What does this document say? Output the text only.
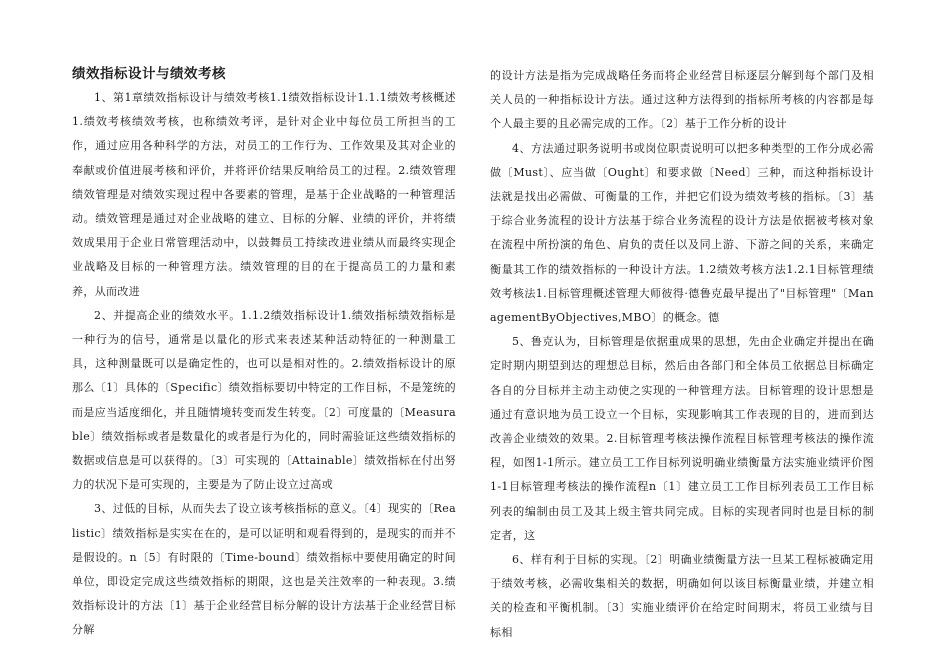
绩效指标设计与绩效考核

1、第1章绩效指标设计与绩效考核1.1绩效指标设计1.1.1绩效考核概述1.绩效考核绩效考核，也称绩效考评，是针对企业中每位员工所担当的工作，通过应用各种科学的方法，对员工的工作行为、工作效果及其对企业的奉献或价值进展考核和评价，并将评价结果反响给员工的过程。2.绩效管理绩效管理是对绩效实现过程中各要素的管理，是基于企业战略的一种管理活动。绩效管理是通过对企业战略的建立、目标的分解、业绩的评价，并将绩效成果用于企业日常管理活动中，以鼓舞员工持续改进业绩从而最终实现企业战略及目标的一种管理方法。绩效管理的目的在于提高员工的力量和素养，从而改进

2、并提高企业的绩效水平。1.1.2绩效指标设计1.绩效指标绩效指标是一种行为的信号，通常是以量化的形式来表述某种活动特征的一种测量工具，这种测量既可以是确定性的，也可以是相对性的。2.绩效指标设计的原那么〔1〕具体的〔Specific〕绩效指标要切中特定的工作目标，不是笼统的而是应当适度细化，并且随情境转变而发生转变。〔2〕可度量的〔Measurable〕绩效指标或者是数量化的或者是行为化的，同时需验证这些绩效指标的数据或信息是可以获得的。〔3〕可实现的〔Attainable〕绩效指标在付出努力的状况下是可实现的，主要是为了防止设立过高或

3、过低的目标，从而失去了设立该考核指标的意义。〔4〕现实的〔Realistic〕绩效指标是实实在在的，是可以证明和观看得到的，是现实的而并不是假设的。n〔5〕有时限的〔Time-bound〕绩效指标中要使用确定的时间单位，即设定完成这些绩效指标的期限，这也是关注效率的一种表现。3.绩效指标设计的方法〔1〕基于企业经营目标分解的设计方法基于企业经营目标分解

的设计方法是指为完成战略任务而将企业经营目标逐层分解到每个部门及相关人员的一种指标设计方法。通过这种方法得到的指标所考核的内容都是每个人最主要的且必需完成的工作。〔2〕基于工作分析的设计

4、方法通过职务说明书或岗位职责说明可以把多种类型的工作分成必需做〔Must〕、应当做〔Ought〕和要求做〔Need〕三种，而这种指标设计法就是找出必需做、可衡量的工作，并把它们设为绩效考核的指标。〔3〕基于综合业务流程的设计方法基于综合业务流程的设计方法是依据被考核对象在流程中所扮演的角色、肩负的责任以及同上游、下游之间的关系，来确定衡量其工作的绩效指标的一种设计方法。1.2绩效考核方法1.2.1目标管理绩效考核法1.目标管理概述管理大师彼得·德鲁克最早提出了"目标管理"〔ManagementByObjectives,MBO〕的概念。德

5、鲁克认为，目标管理是依据重成果的思想，先由企业确定并提出在确定时期内期望到达的理想总目标，然后由各部门和全体员工依据总目标确定各自的分目标并主动主动使之实现的一种管理方法。目标管理的设计思想是通过有意识地为员工设立一个目标，实现影响其工作表现的目的，进而到达改善企业绩效的效果。2.目标管理考核法操作流程目标管理考核法的操作流程，如图1-1所示。建立员工工作目标列说明确业绩衡量方法实施业绩评价图1-1目标管理考核法的操作流程n〔1〕建立员工工作目标列表员工工作目标列表的编制由员工及其上级主管共同完成。目标的实现者同时也是目标的制定者，这

6、样有利于目标的实现。〔2〕明确业绩衡量方法一旦某工程标被确定用于绩效考核，必需收集相关的数据，明确如何以该目标衡量业绩，并建立相关的检查和平衡机制。〔3〕实施业绩评价在给定时间期末，将员工业绩与目标相
